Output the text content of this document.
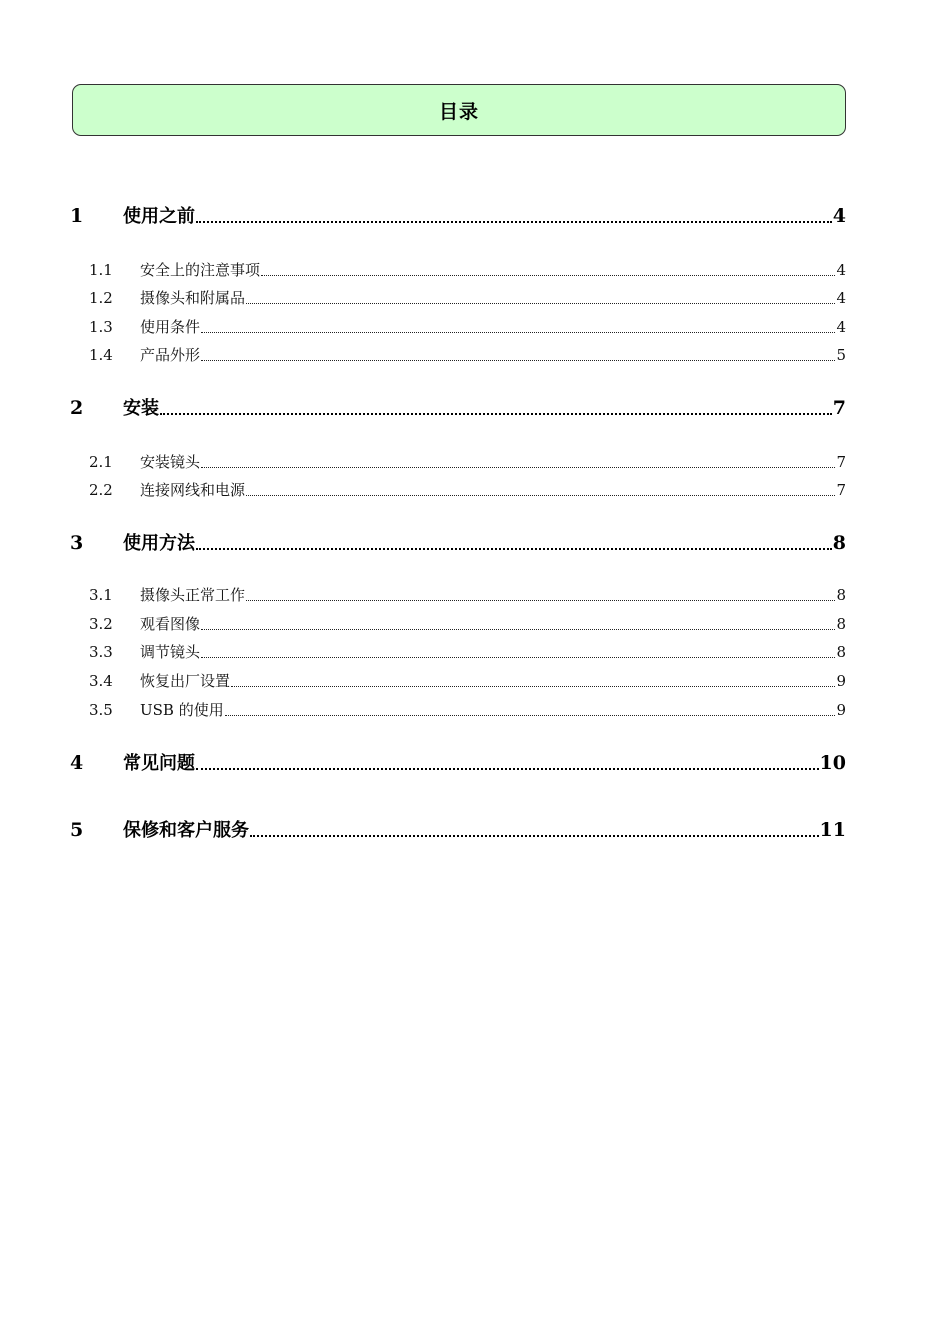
目录
1	使用之前	4
1.1	安全上的注意事项	4
1.2	摄像头和附属品	4
1.3	使用条件	4
1.4	产品外形	5
2	安装	7
2.1	安装镜头	7
2.2	连接网线和电源	7
3	使用方法	8
3.1	摄像头正常工作	8
3.2	观看图像	8
3.3	调节镜头	8
3.4	恢复出厂设置	9
3.5	USB 的使用	9
4	常见问题	10
5	保修和客户服务	11
